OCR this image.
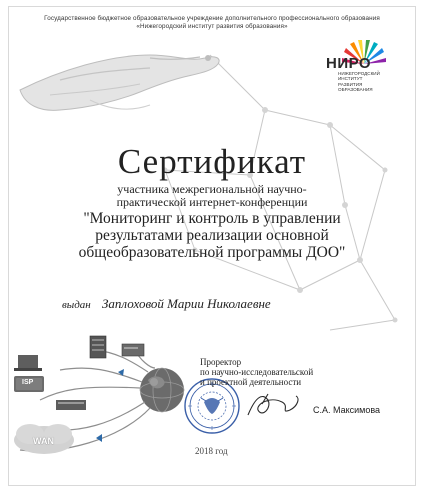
Государственное бюджетное образовательное учреждение дополнительного профессионального образования
«Нижегородский институт развития образования»
НИРО
НИЖЕГОРОДСКИЙ
ИНСТИТУТ
РАЗВИТИЯ
ОБРАЗОВАНИЯ
Сертификат
участника межрегиональной научно-
практической интернет-конференции
"Мониторинг и контроль в управлении
результатами реализации основной
общеобразовательной программы ДОО"
выдан Заплоховой Марии Николаевне
ISP
WAN
Проректор
по научно-исследовательской
и проектной деятельности
С.А. Максимова
2018 год
